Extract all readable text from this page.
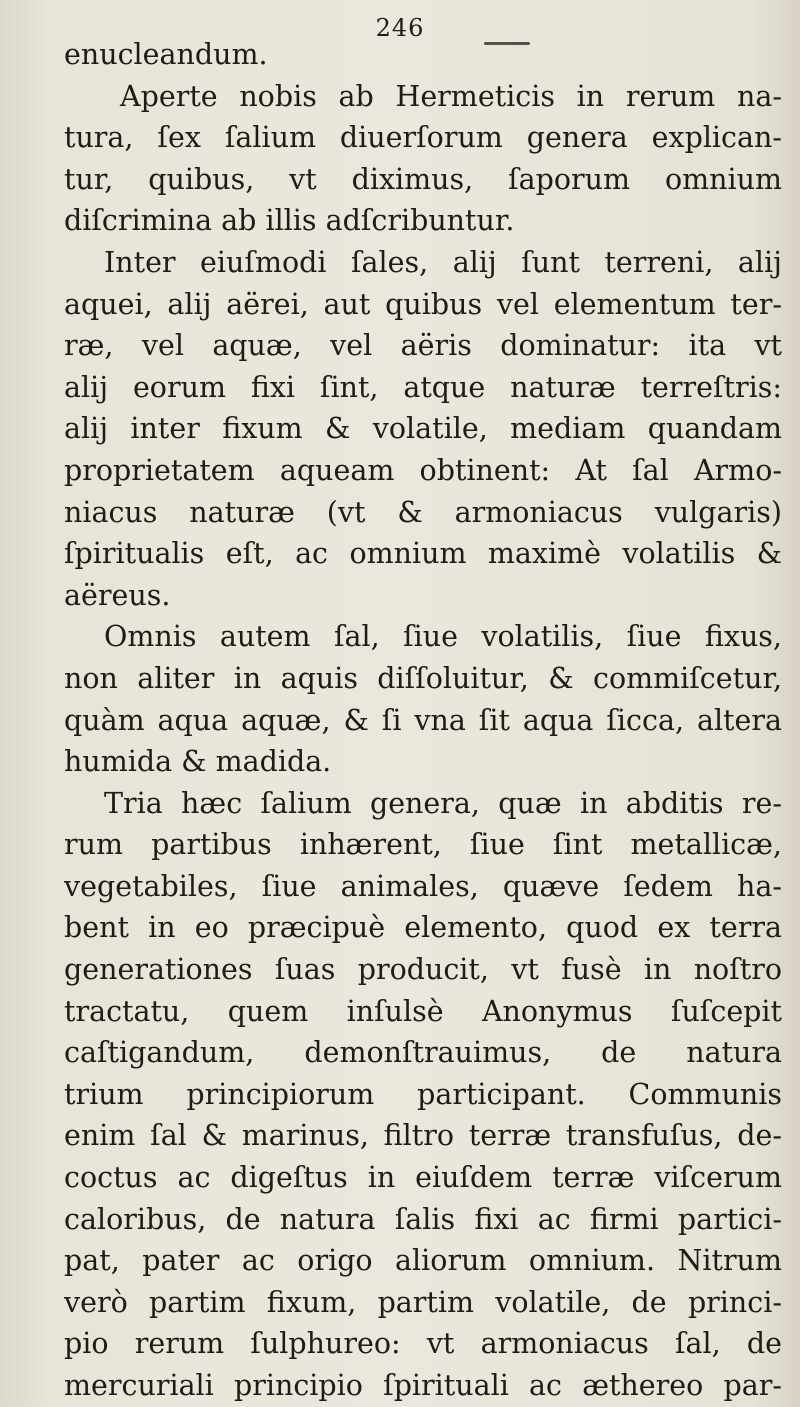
246
enucleandum.
Aperte nobis ab Hermeticis in rerum na-
tura, ſex ſalium diuerſorum genera explican-
tur, quibus, vt diximus, ſaporum omnium
diſcrimina ab illis adſcribuntur.
Inter eiuſmodi ſales, alij ſunt terreni, alij
aquei, alij aërei, aut quibus vel elementum ter-
ræ, vel aquæ, vel aëris dominatur: ita vt
alij eorum fixi ſint, atque naturæ terreſtris:
alij inter fixum & volatile, mediam quandam
proprietatem aqueam obtinent: At ſal Armo-
niacus naturæ (vt & armoniacus vulgaris)
ſpiritualis eſt, ac omnium maximè volatilis &
aëreus.
Omnis autem ſal, ſiue volatilis, ſiue fixus,
non aliter in aquis diſſoluitur, & commiſcetur,
quàm aqua aquæ, & ſi vna ſit aqua ſicca, altera
humida & madida.
Tria hæc ſalium genera, quæ in abditis re-
rum partibus inhærent, ſiue ſint metallicæ,
vegetabiles, ſiue animales, quæve ſedem ha-
bent in eo præcipuè elemento, quod ex terra
generationes ſuas producit, vt fusè in noſtro
tractatu, quem inſulsè Anonymus ſuſcepit
caſtigandum, demonſtrauimus, de natura
trium principiorum participant. Communis
enim ſal & marinus, filtro terræ transfuſus, de-
coctus ac digeſtus in eiuſdem terræ viſcerum
caloribus, de natura ſalis fixi ac firmi partici-
pat, pater ac origo aliorum omnium. Nitrum
verò partim fixum, partim volatile, de princi-
pio rerum ſulphureo: vt armoniacus ſal, de
mercuriali principio ſpirituali ac æthereo par-
